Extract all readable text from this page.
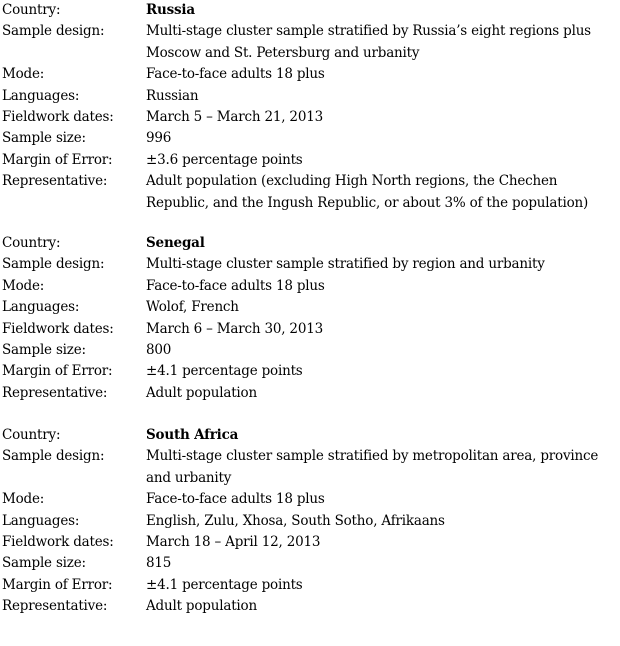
Country:	Russia
Sample design:	Multi-stage cluster sample stratified by Russia’s eight regions plus Moscow and St. Petersburg and urbanity
Mode:	Face-to-face adults 18 plus
Languages:	Russian
Fieldwork dates:	March 5 – March 21, 2013
Sample size:	996
Margin of Error:	±3.6 percentage points
Representative:	Adult population (excluding High North regions, the Chechen Republic, and the Ingush Republic, or about 3% of the population)
Country:	Senegal
Sample design:	Multi-stage cluster sample stratified by region and urbanity
Mode:	Face-to-face adults 18 plus
Languages:	Wolof, French
Fieldwork dates:	March 6 – March 30, 2013
Sample size:	800
Margin of Error:	±4.1 percentage points
Representative:	Adult population
Country:	South Africa
Sample design:	Multi-stage cluster sample stratified by metropolitan area, province and urbanity
Mode:	Face-to-face adults 18 plus
Languages:	English, Zulu, Xhosa, South Sotho, Afrikaans
Fieldwork dates:	March 18 – April 12, 2013
Sample size:	815
Margin of Error:	±4.1 percentage points
Representative:	Adult population
